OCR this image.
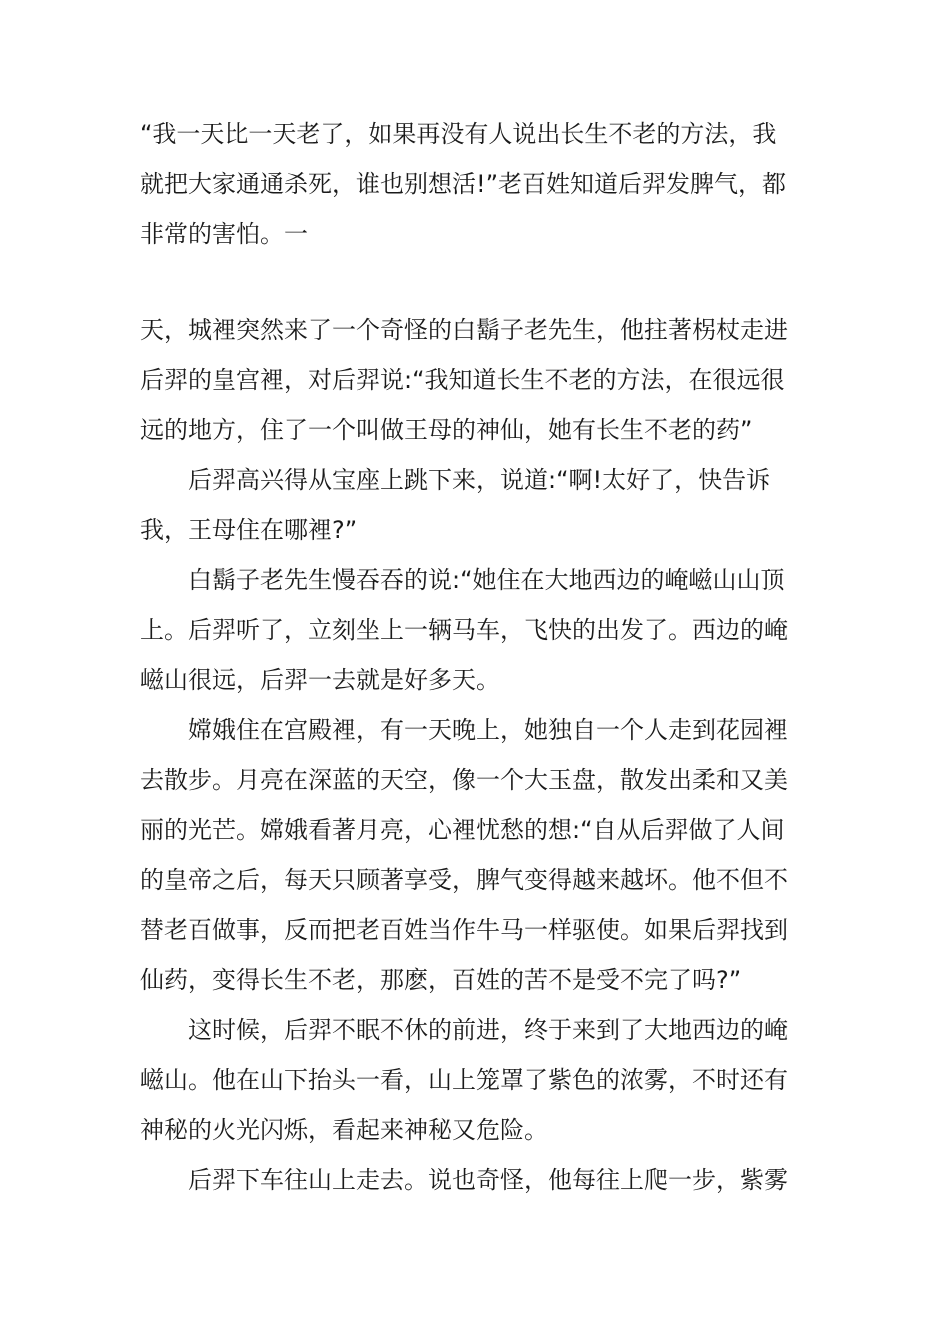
“我一天比一天老了，如果再没有人说出长生不老的方法，我
就把大家通通杀死，谁也别想活!”老百姓知道后羿发脾气，都
非常的害怕。一

天，城裡突然来了一个奇怪的白鬍子老先生，他拄著柺杖走进
后羿的皇宫裡，对后羿说:“我知道长生不老的方法，在很远很
远的地方，住了一个叫做王母的神仙，她有长生不老的药”

后羿高兴得从宝座上跳下来，说道:“啊!太好了，快告诉
我，王母住在哪裡?”

白鬍子老先生慢吞吞的说:“她住在大地西边的崦嵫山山顶
上。后羿听了，立刻坐上一辆马车，飞快的出发了。西边的崦
嵫山很远，后羿一去就是好多天。

嫦娥住在宫殿裡，有一天晚上，她独自一个人走到花园裡
去散步。月亮在深蓝的天空，像一个大玉盘，散发出柔和又美
丽的光芒。嫦娥看著月亮，心裡忧愁的想:“自从后羿做了人间
的皇帝之后，每天只顾著享受，脾气变得越来越坏。他不但不
替老百做事，反而把老百姓当作牛马一样驱使。如果后羿找到
仙药，变得长生不老，那麽，百姓的苦不是受不完了吗?”

这时候，后羿不眠不休的前进，终于来到了大地西边的崦
嵫山。他在山下抬头一看，山上笼罩了紫色的浓雾，不时还有
神秘的火光闪烁，看起来神秘又危险。

后羿下车往山上走去。说也奇怪，他每往上爬一步，紫雾
